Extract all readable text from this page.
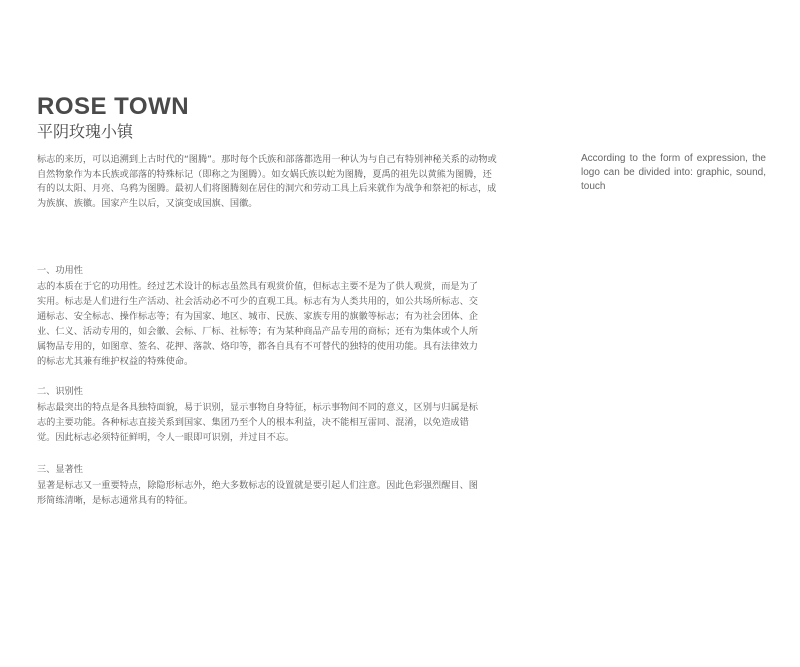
ROSE TOWN
平阴玫瑰小镇

标志的来历，可以追溯到上古时代的“图腾”。那时每个氏族和部落都选用一种认为与自己有特别神秘关系的动物或自然物象作为本氏族或部落的特殊标记（即称之为图腾）。如女娲氏族以蛇为图腾，夏禹的祖先以黄熊为图腾，还有的以太阳、月亮、乌鸦为图腾。最初人们将图腾刻在居住的洞穴和劳动工具上后来就作为战争和祭祀的标志，成为族旗、族徽。国家产生以后，又演变成国旗、国徽。

According to the form of expression, the logo can be divided into: graphic, sound, touch

一、功用性
志的本质在于它的功用性。经过艺术设计的标志虽然具有观赏价值，但标志主要不是为了供人观赏，而是为了实用。标志是人们进行生产活动、社会活动必不可少的直观工具。标志有为人类共用的，如公共场所标志、交通标志、安全标志、操作标志等；有为国家、地区、城市、民族、家族专用的旗徽等标志；有为社会团体、企业、仁义、活动专用的，如会徽、会标、厂标、社标等；有为某种商品产品专用的商标；还有为集体或个人所属物品专用的，如图章、签名、花押、落款、烙印等，都各自具有不可替代的独特的使用功能。具有法律效力的标志尤其兼有维护权益的特殊使命。
二、识别性
标志最突出的特点是各具独特面貌，易于识别，显示事物自身特征，标示事物间不同的意义，区别与归属是标志的主要功能。各种标志直接关系到国家、集团乃至个人的根本利益，决不能相互雷同、混淆，以免造成错觉。因此标志必须特征鲜明，令人一眼即可识别，并过目不忘。
三、显著性
显著是标志又一重要特点，除隐形标志外，绝大多数标志的设置就是要引起人们注意。因此色彩强烈醒目、图形简练清晰，是标志通常具有的特征。
